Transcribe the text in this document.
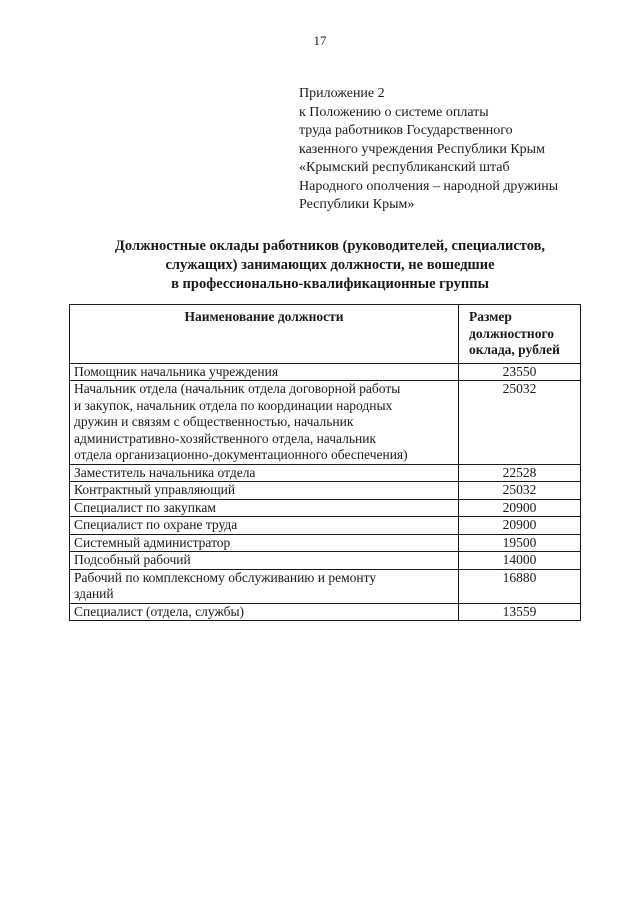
17
Приложение 2
к Положению о системе оплаты
труда работников Государственного
казенного учреждения Республики Крым
«Крымский республиканский штаб
Народного ополчения – народной дружины
Республики Крым»
Должностные оклады работников (руководителей, специалистов,
служащих) занимающих должности, не вошедшие
в профессионально-квалификационные группы
Наименование должности	Размер
должностного
оклада, рублей

Помощник начальника учреждения	23550

Начальник отдела (начальник отдела договорной работы
и закупок, начальник отдела по координации народных
дружин и связям с общественностью, начальник
административно-хозяйственного отдела, начальник
отдела организационно-документационного обеспечения)	25032

Заместитель начальника отдела	22528

Контрактный управляющий	25032

Специалист по закупкам	20900

Специалист по охране труда	20900

Системный администратор	19500

Подсобный рабочий	14000

Рабочий по комплексному обслуживанию и ремонту
зданий	16880

Специалист (отдела, службы)	13559
